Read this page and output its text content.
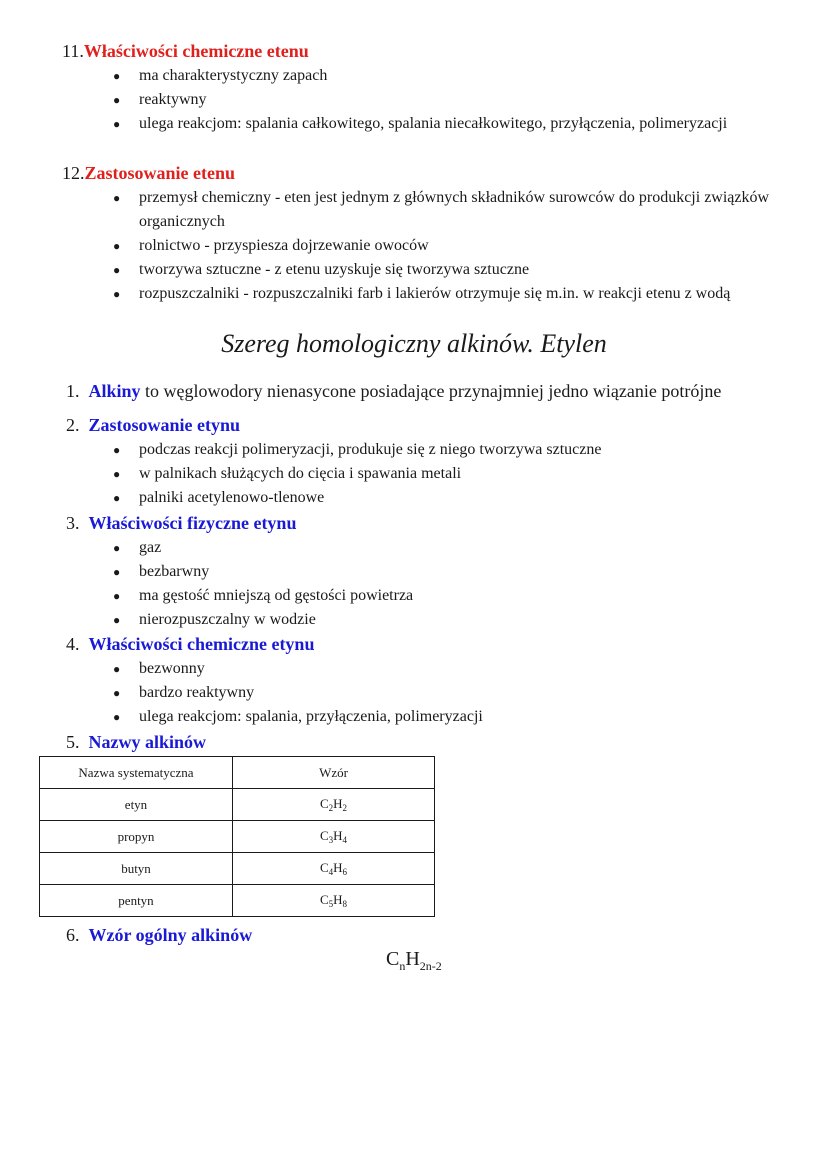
11.Właściwości chemiczne etenu
● ma charakterystyczny zapach
● reaktywny
● ulega reakcjom: spalania całkowitego, spalania niecałkowitego, przyłączenia, polimeryzacji
12.Zastosowanie etenu
● przemysł chemiczny - eten jest jednym z głównych składników surowców do produkcji związków organicznych
● rolnictwo - przyspiesza dojrzewanie owoców
● tworzywa sztuczne - z etenu uzyskuje się tworzywa sztuczne
● rozpuszczalniki - rozpuszczalniki farb i lakierów otrzymuje się m.in. w reakcji etenu z wodą
Szereg homologiczny alkinów. Etylen
1. Alkiny to węglowodory nienasycone posiadające przynajmniej jedno wiązanie potrójne
2. Zastosowanie etynu
● podczas reakcji polimeryzacji, produkuje się z niego tworzywa sztuczne
● w palnikach służących do cięcia i spawania metali
● palniki acetylenowo-tlenowe
3. Właściwości fizyczne etynu
● gaz
● bezbarwny
● ma gęstość mniejszą od gęstości powietrza
● nierozpuszczalny w wodzie
4. Właściwości chemiczne etynu
● bezwonny
● bardzo reaktywny
● ulega reakcjom: spalania, przyłączenia, polimeryzacji
5. Nazwy alkinów
Nazwa systematyczna	Wzór
etyn	$C_2H_2$
propyn	$C_3H_4$
butyn	$C_4H_6$
pentyn	$C_5H_8$
6. Wzór ogólny alkinów
$C_nH_{2n-2}$
